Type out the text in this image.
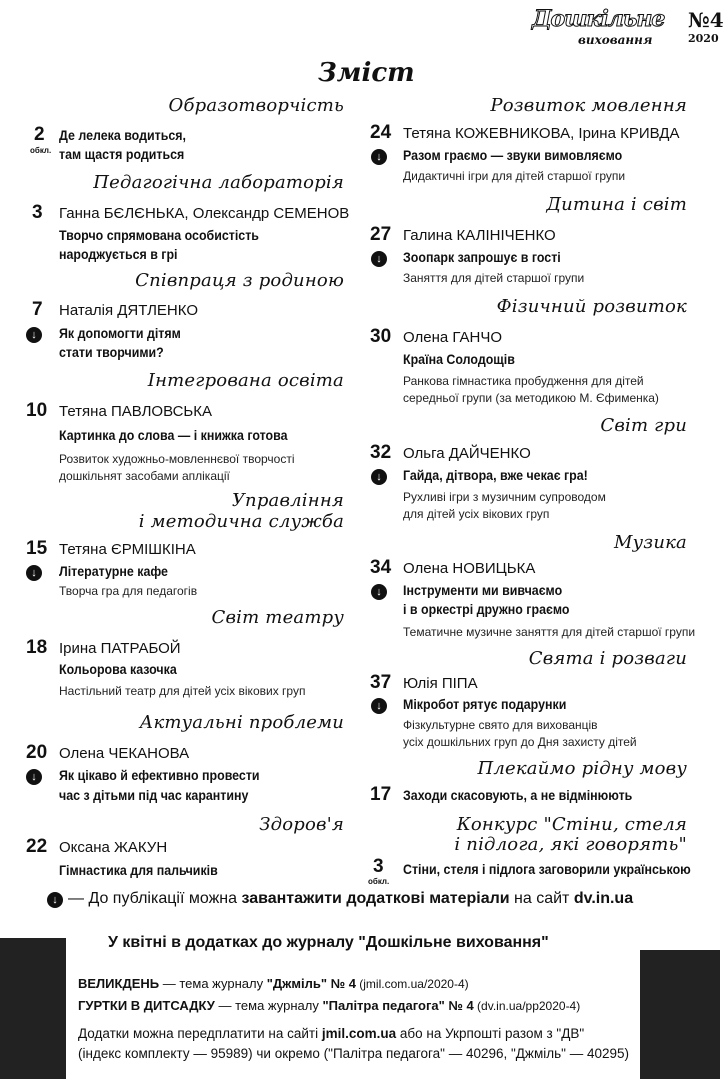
Дошкільне
виховання
№4
2020
Зміст
Образотворчість
2
обкл.
Де лелека водиться,
там щастя родиться
Педагогічна лабораторія
3 Ганна БЄЛЄНЬКА, Олександр СЕМЕНОВ
Творчо спрямована особистість
народжується в грі
Співпраця з родиною
7 Наталія ДЯТЛЕНКО
↓	Як допомогти дітям
стати творчими?
Інтегрована освіта
10 Тетяна ПАВЛОВСЬКА
Картинка до слова — і книжка готова
Розвиток художньо-мовленнєвої творчості
дошкільнят засобами аплікації
Управління
і методична служба
15 Тетяна ЄРМІШКІНА
↓	Літературне кафе
Творча гра для педагогів
Світ театру
18 Ірина ПАТРАБОЙ
Кольорова казочка
Настільний театр для дітей усіх вікових груп
Актуальні проблеми
20 Олена ЧЕКАНОВА
↓	Як цікаво й ефективно провести
час з дітьми під час карантину
Здоров'я
22 Оксана ЖАКУН
Гімнастика для пальчиків
Розвиток мовлення
24 Тетяна КОЖЕВНИКОВА, Ірина КРИВДА
↓	Разом граємо — звуки вимовляємо
Дидактичні ігри для дітей старшої групи
Дитина і світ
27 Галина КАЛІНІЧЕНКО
↓	Зоопарк запрошує в гості
Заняття для дітей старшої групи
Фізичний розвиток
30 Олена ГАНЧО
Країна Солодощів
Ранкова гімнастика пробудження для дітей
середньої групи (за методикою М. Єфименка)
Світ гри
32 Ольга ДАЙЧЕНКО
↓	Гайда, дітвора, вже чекає гра!
Рухливі ігри з музичним супроводом
для дітей усіх вікових груп
Музика
34 Олена НОВИЦЬКА
↓	Інструменти ми вивчаємо
і в оркестрі дружно граємо
Тематичне музичне заняття для дітей старшої групи
Свята і розваги
37 Юлія ПІПА
↓	Мікробот рятує подарунки
Фізкультурне свято для вихованців
усіх дошкільних груп до Дня захисту дітей
Плекаймо рідну мову
17 Заходи скасовують, а не відмінюють
Конкурс "Стіни, стеля
і підлога, які говорять"
3
обкл.
Стіни, стеля і підлога заговорили українською
↓ — До публікації можна завантажити додаткові матеріали на сайт dv.in.ua
У квітні в додатках до журналу "Дошкільне виховання"
ВЕЛИКДЕНЬ — тема журналу "Джміль" № 4 (jmil.com.ua/2020-4)
ГУРТКИ В ДИТСАДКУ — тема журналу "Палітра педагога" № 4 (dv.in.ua/pp2020-4)
Додатки можна передплатити на сайті jmil.com.ua або на Укрпошті разом з "ДВ"
(індекс комплекту — 95989) чи окремо ("Палітра педагога" — 40296, "Джміль" — 40295)
